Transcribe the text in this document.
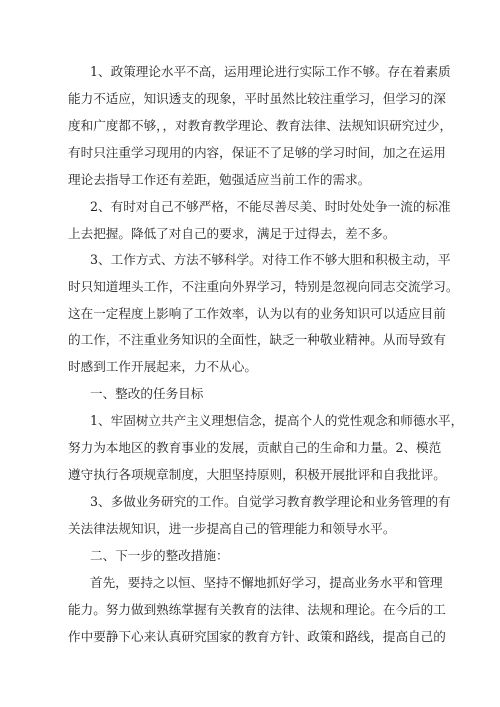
1、政策理论水平不高，运用理论进行实际工作不够。存在着素质
能力不适应，知识透支的现象，平时虽然比较注重学习，但学习的深
度和广度都不够，，对教育教学理论、教育法律、法规知识研究过少，
有时只注重学习现用的内容，保证不了足够的学习时间，加之在运用
理论去指导工作还有差距，勉强适应当前工作的需求。
2、有时对自己不够严格，不能尽善尽美、时时处处争一流的标准
上去把握。降低了对自己的要求，满足于过得去，差不多。
3、工作方式、方法不够科学。对待工作不够大胆和积极主动，平
时只知道埋头工作，不注重向外界学习，特别是忽视向同志交流学习。
这在一定程度上影响了工作效率，认为以有的业务知识可以适应目前
的工作，不注重业务知识的全面性，缺乏一种敬业精神。从而导致有
时感到工作开展起来，力不从心。
一、整改的任务目标
1、牢固树立共产主义理想信念，提高个人的党性观念和师德水平，
努力为本地区的教育事业的发展，贡献自己的生命和力量。2、模范
遵守执行各项规章制度，大胆坚持原则，积极开展批评和自我批评。
3、多做业务研究的工作。自觉学习教育教学理论和业务管理的有
关法律法规知识，进一步提高自己的管理能力和领导水平。
二、下一步的整改措施：
首先，要持之以恒、坚持不懈地抓好学习，提高业务水平和管理
能力。努力做到熟练掌握有关教育的法律、法规和理论。在今后的工
作中要静下心来认真研究国家的教育方针、政策和路线，提高自己的
